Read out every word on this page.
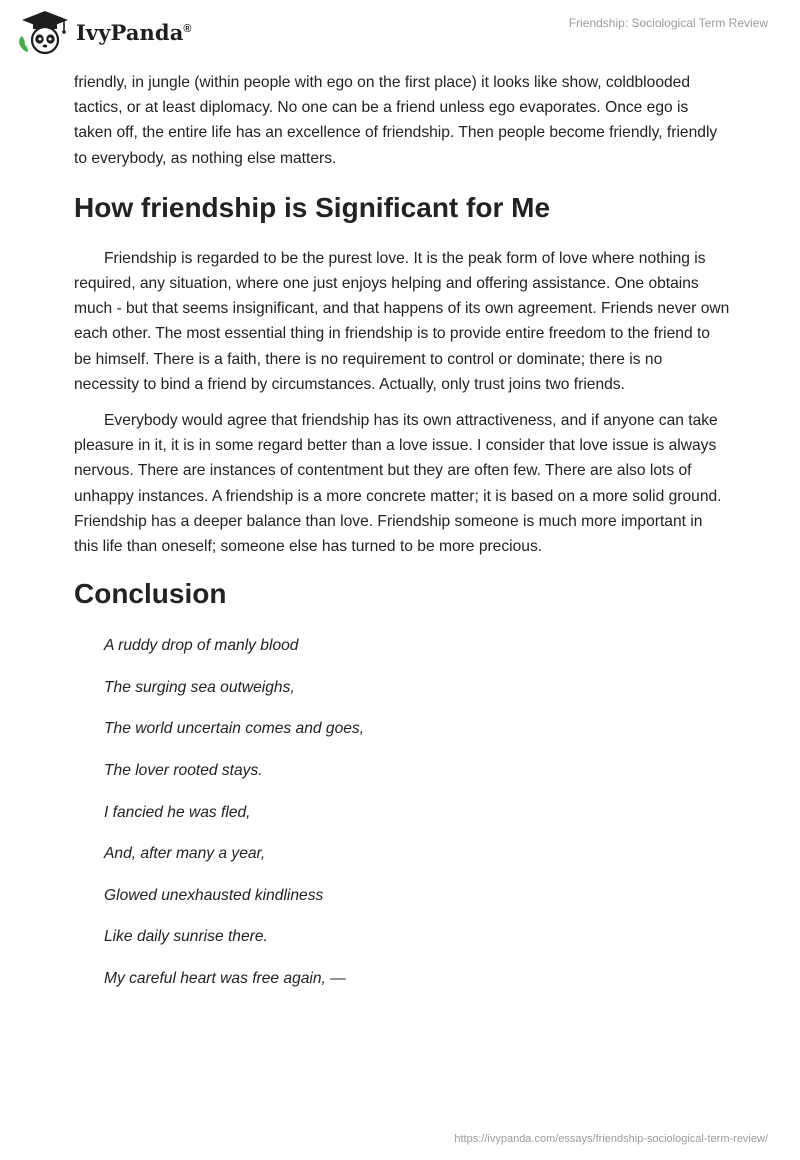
IvyPanda®	Friendship: Sociological Term Review

friendly, in jungle (within people with ego on the first place) it looks like show, coldblooded tactics, or at least diplomacy. No one can be a friend unless ego evaporates. Once ego is taken off, the entire life has an excellence of friendship. Then people become friendly, friendly to everybody, as nothing else matters.

How friendship is Significant for Me

Friendship is regarded to be the purest love. It is the peak form of love where nothing is required, any situation, where one just enjoys helping and offering assistance. One obtains much - but that seems insignificant, and that happens of its own agreement. Friends never own each other. The most essential thing in friendship is to provide entire freedom to the friend to be himself. There is a faith, there is no requirement to control or dominate; there is no necessity to bind a friend by circumstances. Actually, only trust joins two friends.

Everybody would agree that friendship has its own attractiveness, and if anyone can take pleasure in it, it is in some regard better than a love issue. I consider that love issue is always nervous. There are instances of contentment but they are often few. There are also lots of unhappy instances. A friendship is a more concrete matter; it is based on a more solid ground. Friendship has a deeper balance than love. Friendship someone is much more important in this life than oneself; someone else has turned to be more precious.

Conclusion
A ruddy drop of manly blood
The surging sea outweighs,
The world uncertain comes and goes,
The lover rooted stays.
I fancied he was fled,
And, after many a year,
Glowed unexhausted kindliness
Like daily sunrise there.
My careful heart was free again, —
https://ivypanda.com/essays/friendship-sociological-term-review/
